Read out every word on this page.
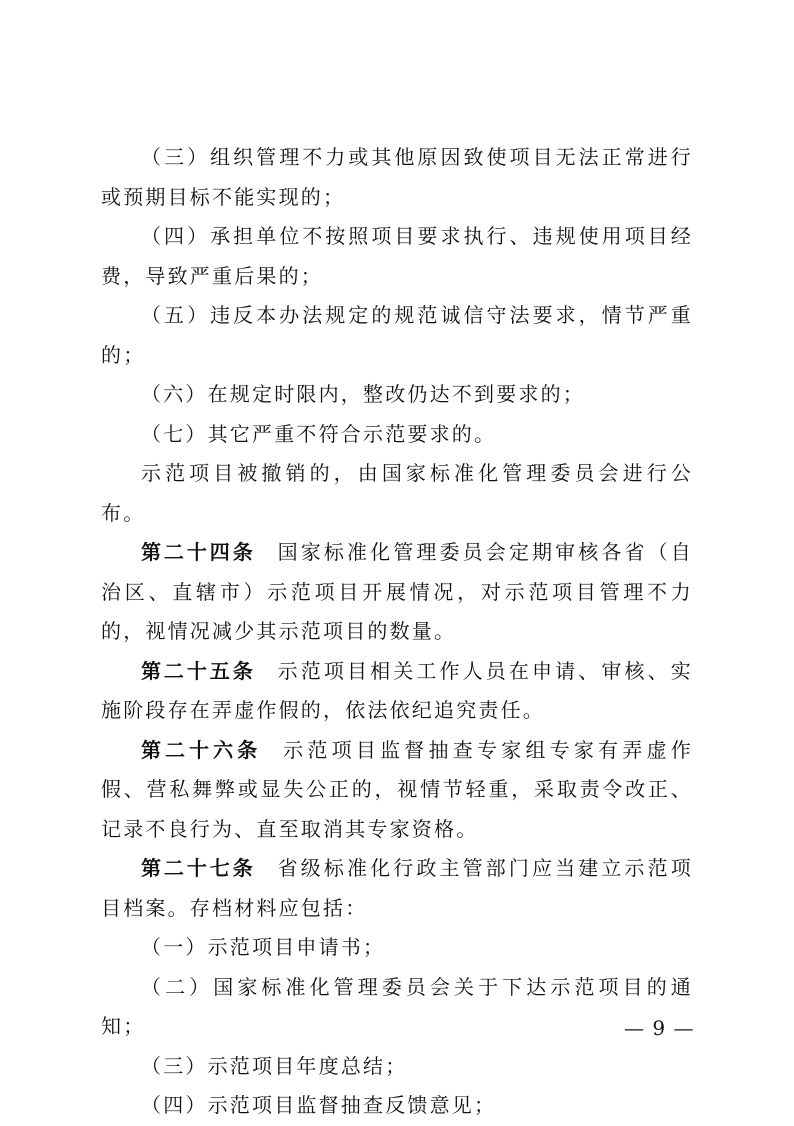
（三）组织管理不力或其他原因致使项目无法正常进行或预期目标不能实现的；

（四）承担单位不按照项目要求执行、违规使用项目经费，导致严重后果的；

（五）违反本办法规定的规范诚信守法要求，情节严重的；

（六）在规定时限内，整改仍达不到要求的；

（七）其它严重不符合示范要求的。

示范项目被撤销的，由国家标准化管理委员会进行公布。

第二十四条 国家标准化管理委员会定期审核各省（自治区、直辖市）示范项目开展情况，对示范项目管理不力的，视情况减少其示范项目的数量。

第二十五条 示范项目相关工作人员在申请、审核、实施阶段存在弄虚作假的，依法依纪追究责任。

第二十六条 示范项目监督抽查专家组专家有弄虚作假、营私舞弊或显失公正的，视情节轻重，采取责令改正、记录不良行为、直至取消其专家资格。

第二十七条 省级标准化行政主管部门应当建立示范项目档案。存档材料应包括：

（一）示范项目申请书；

（二）国家标准化管理委员会关于下达示范项目的通知；

（三）示范项目年度总结；

（四）示范项目监督抽查反馈意见；

— 9 —
